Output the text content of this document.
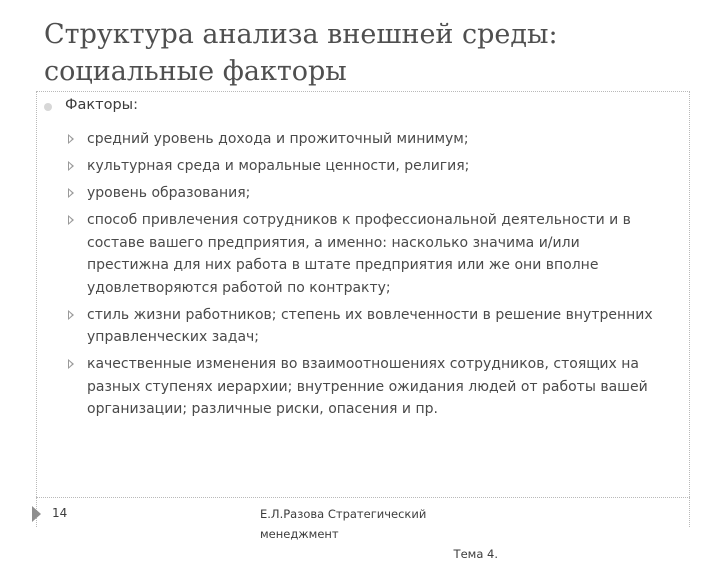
Структура анализа внешней среды: социальные факторы
Факторы:
средний уровень дохода и прожиточный минимум;
культурная среда и моральные ценности, религия;
уровень образования;
способ привлечения сотрудников к профессиональной деятельности и в составе вашего предприятия, а именно: насколько значима и/или престижна для них работа в штате предприятия или же они вполне удовлетворяются работой по контракту;
стиль жизни работников; степень их вовлеченности в решение внутренних управленческих задач;
качественные изменения во взаимоотношениях сотрудников, стоящих на разных ступенях иерархии; внутренние ожидания людей от работы вашей организации; различные риски, опасения и пр.
14	Е.Л.Разова Стратегический менеджмент
Тема 4.
